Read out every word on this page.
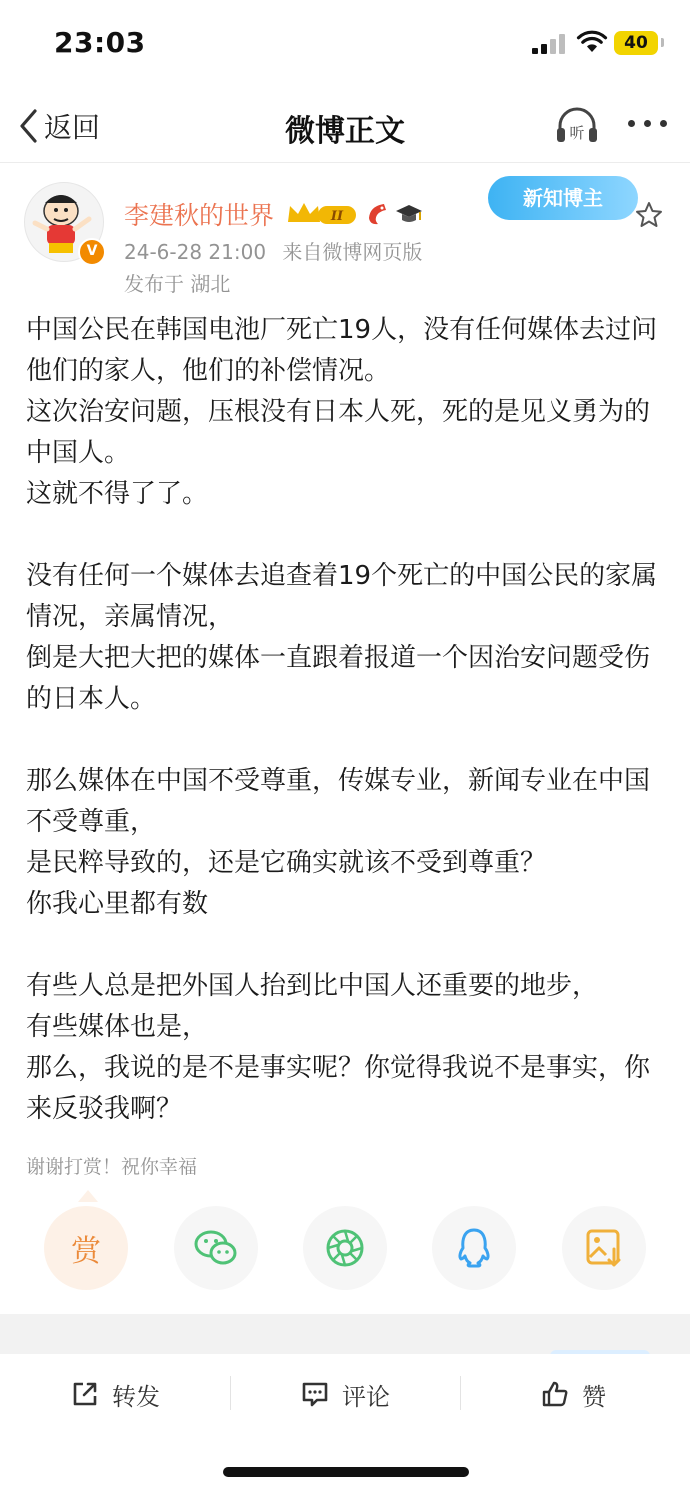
23:03	40
返回	微博正文	听
V
李建秋的世界	II
24-6-28 21:00 来自微博网页版
发布于 湖北
新知博主

中国公民在韩国电池厂死亡19人，没有任何媒体去过问他们的家人，他们的补偿情况。

这次治安问题，压根没有日本人死，死的是见义勇为的中国人。

这就不得了了。

没有任何一个媒体去追查着19个死亡的中国公民的家属情况，亲属情况，

倒是大把大把的媒体一直跟着报道一个因治安问题受伤的日本人。

那么媒体在中国不受尊重，传媒专业，新闻专业在中国不受尊重，

是民粹导致的，还是它确实就该不受到尊重？

你我心里都有数

有些人总是把外国人抬到比中国人还重要的地步，

有些媒体也是，

那么，我说的是不是事实呢？你觉得我说不是事实，你来反驳我啊？

谢谢打赏！祝你幸福
赏
转发	评论	赞
